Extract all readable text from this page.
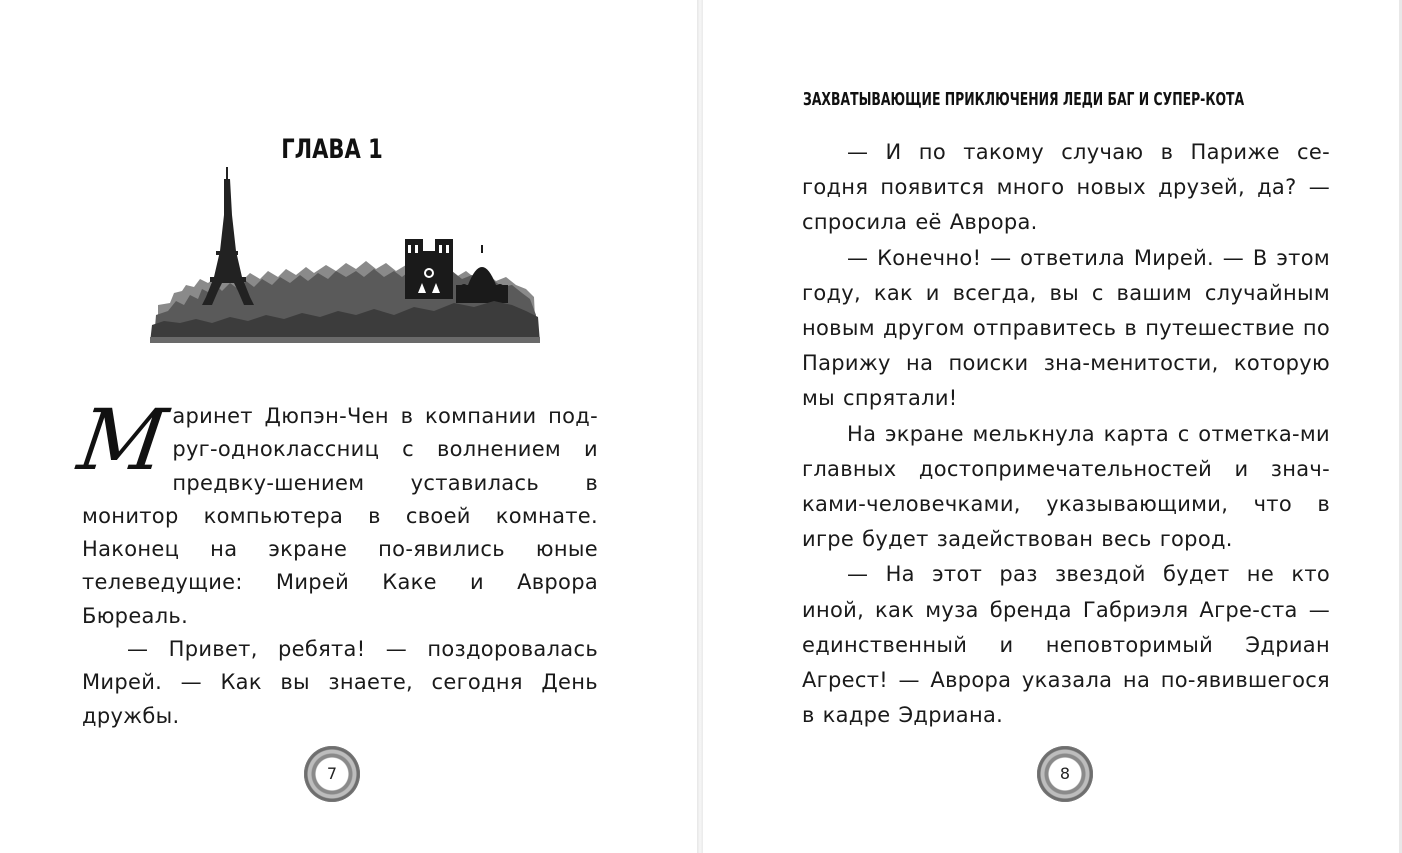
ГЛАВА 1

Маринет Дюпэн-Чен в компании под-руг-одноклассниц с волнением и предвку-шением уставилась в монитор компьютера в своей комнате. Наконец на экране по-явились юные телеведущие: Мирей Каке и Аврора Бюреаль.

— Привет, ребята! — поздоровалась Мирей. — Как вы знаете, сегодня День дружбы.

7
ЗАХВАТЫВАЮЩИЕ ПРИКЛЮЧЕНИЯ ЛЕДИ БАГ И СУПЕР-КОТА

— И по такому случаю в Париже се-годня появится много новых друзей, да? — спросила её Аврора.

— Конечно! — ответила Мирей. — В этом году, как и всегда, вы с вашим случайным новым другом отправитесь в путешествие по Парижу на поиски зна-менитости, которую мы спрятали!

На экране мелькнула карта с отметка-ми главных достопримечательностей и знач-ками-человечками, указывающими, что в игре будет задействован весь город.

— На этот раз звездой будет не кто иной, как муза бренда Габриэля Агре-ста — единственный и неповторимый Эдриан Агрест! — Аврора указала на по-явившегося в кадре Эдриана.

8
